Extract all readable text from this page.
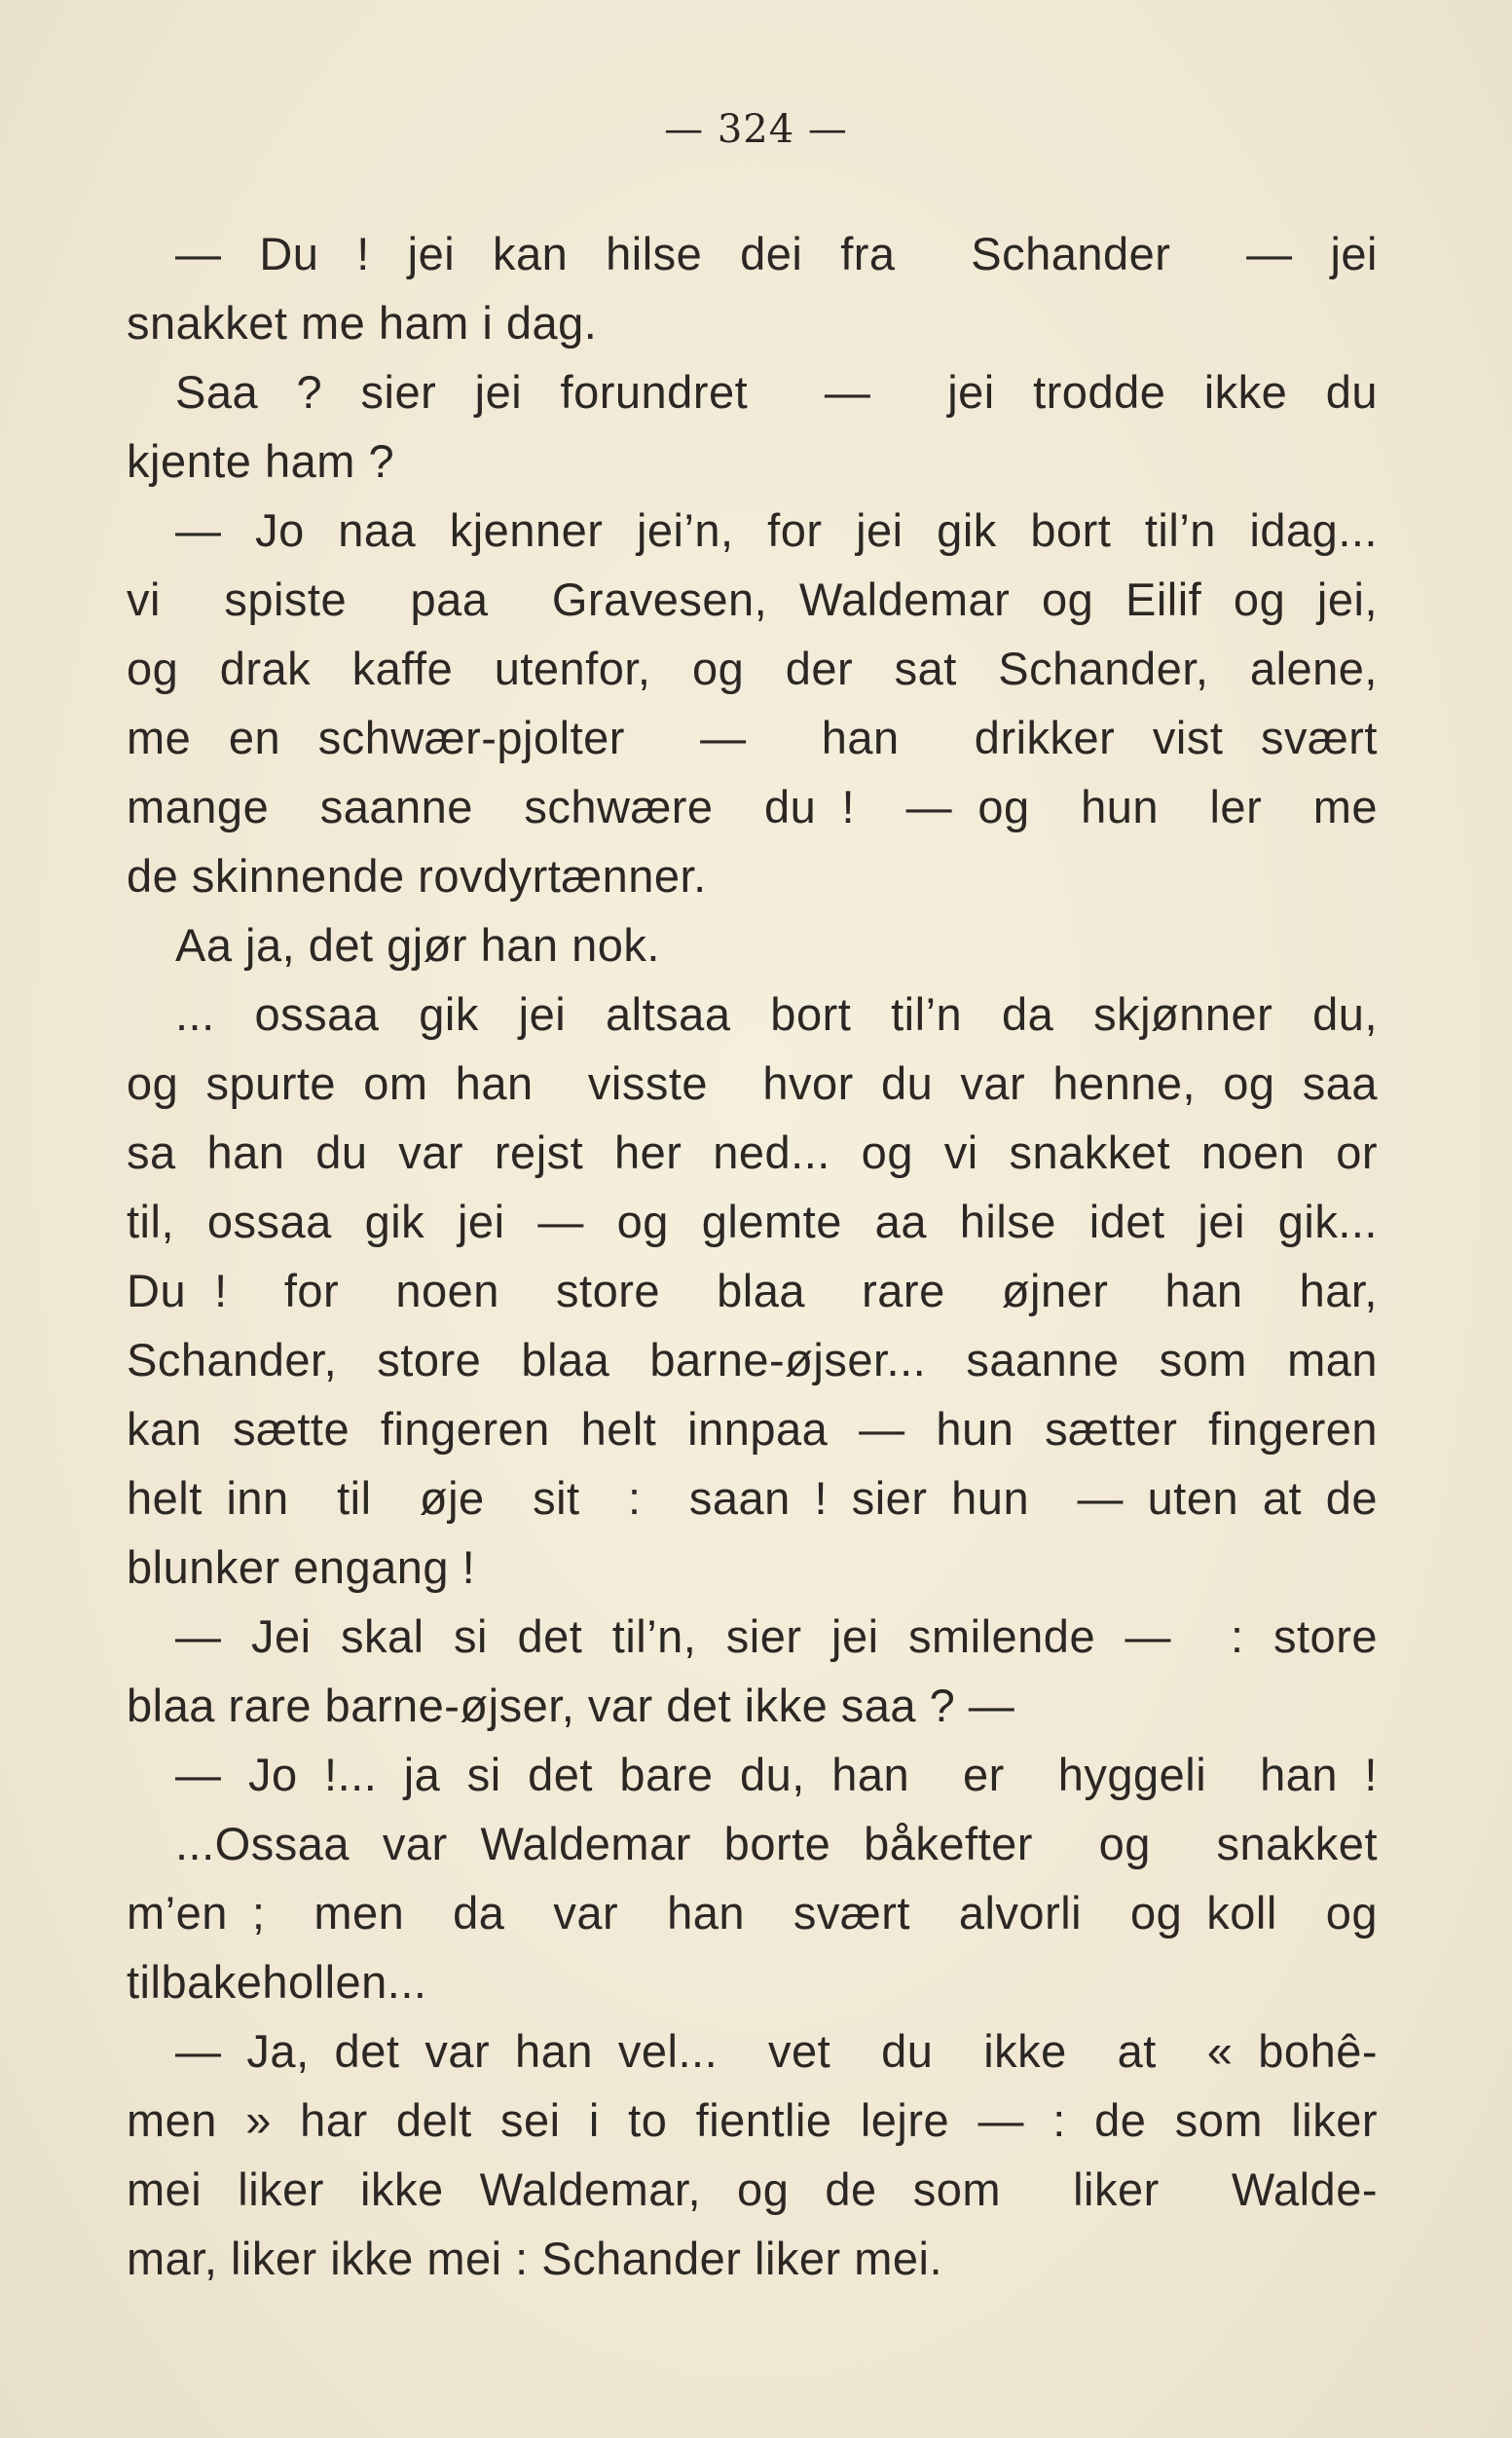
— 324 —
— Du ! jei kan hilse dei fra  Schander  — jei
snakket me ham i dag.
Saa ? sier jei forundret  —  jei trodde ikke du
kjente ham ?
— Jo naa kjenner jei’n, for jei gik bort til’n idag...
vi  spiste  paa  Gravesen, Waldemar og Eilif og jei,
og drak kaffe utenfor, og der sat Schander, alene,
me en schwær-pjolter  —  han  drikker vist svært
mange  saanne  schwære  du !  — og  hun  ler  me
de skinnende rovdyrtænner.
Aa ja, det gjør han nok.
... ossaa gik jei altsaa bort til’n da skjønner du,
og spurte om han  visste  hvor du var henne, og saa
sa han du var rejst her ned... og vi snakket noen or
til, ossaa gik jei — og glemte aa hilse idet jei gik...
Du !  for  noen  store  blaa  rare  øjner  han  har,
Schander, store blaa barne-øjser... saanne som man
kan sætte fingeren helt innpaa — hun sætter fingeren
helt inn  til  øje  sit  :  saan ! sier hun  — uten at de
blunker engang !
— Jei skal si det til’n, sier jei smilende —  : store
blaa rare barne-øjser, var det ikke saa ? —
— Jo !... ja si det bare du, han  er  hyggeli  han !
...Ossaa var Waldemar borte båkefter  og  snakket
m’en ;  men  da  var  han  svært  alvorli  og koll  og
tilbakehollen...
— Ja, det var han vel...  vet  du  ikke  at  « bohê-
men » har delt sei i to fientlie lejre — : de som liker
mei liker ikke Waldemar, og de som  liker  Walde-
mar, liker ikke mei : Schander liker mei.
